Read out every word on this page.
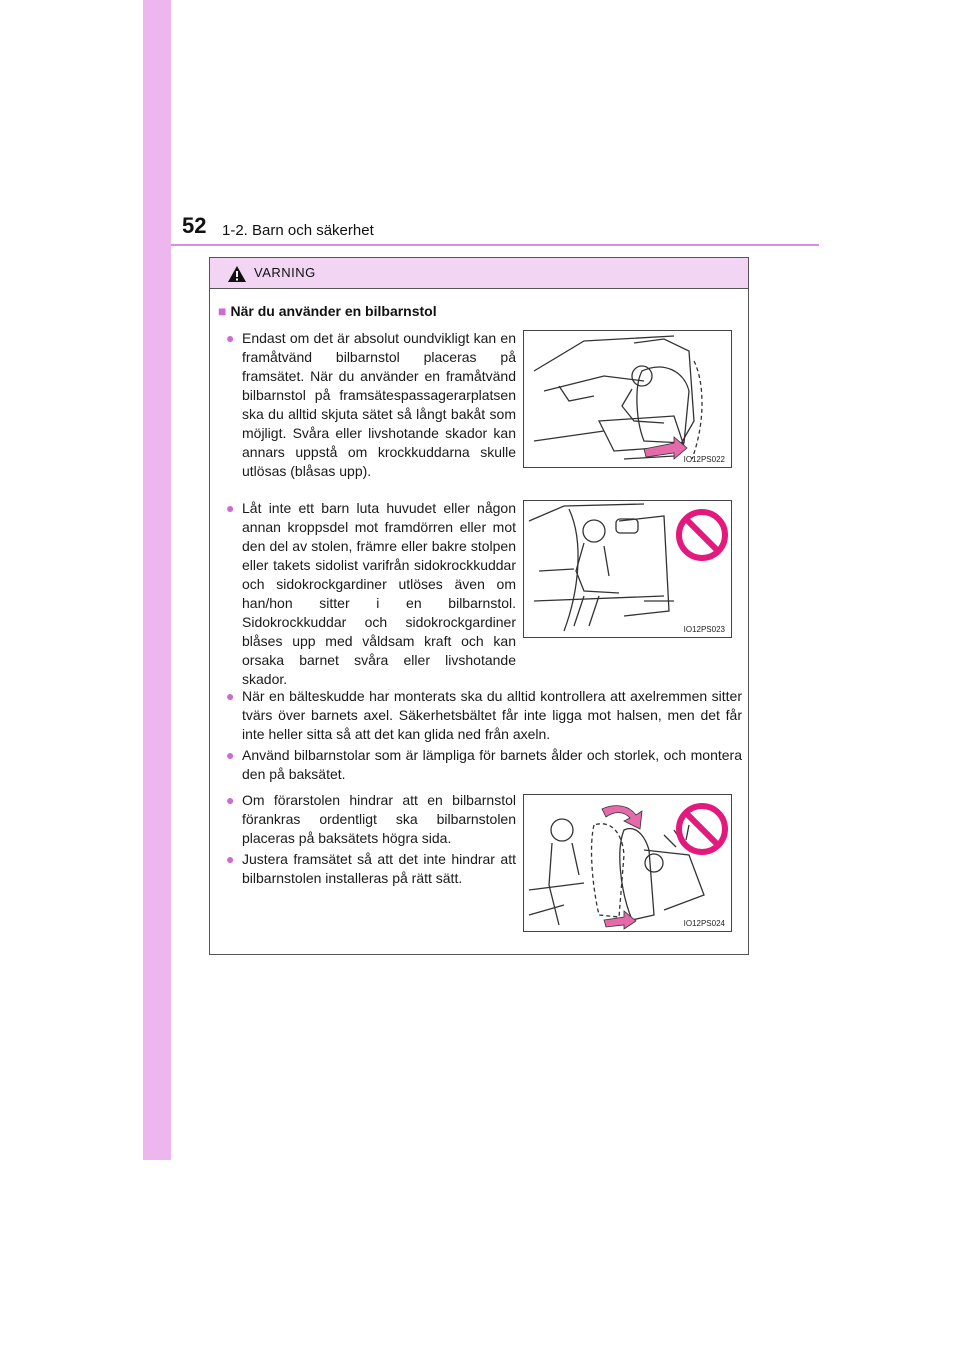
52 1-2. Barn och säkerhet
VARNING
■ När du använder en bilbarnstol
● Endast om det är absolut oundvikligt kan en framåtvänd bilbarnstol placeras på framsätet. När du använder en framåtvänd bilbarnstol på framsätespassagerarplatsen ska du alltid skjuta sätet så långt bakåt som möjligt. Svåra eller livshotande skador kan annars uppstå om krockkuddarna skulle utlösas (blåsas upp).
IO12PS022
● Låt inte ett barn luta huvudet eller någon annan kroppsdel mot framdörren eller mot den del av stolen, främre eller bakre stolpen eller takets sidolist varifrån sidokrockkuddar och sidokrockgardiner utlöses även om han/hon sitter i en bilbarnstol. Sidokrockkuddar och sidokrockgardiner blåses upp med våldsam kraft och kan orsaka barnet svåra eller livshotande skador.
IO12PS023
● När en bälteskudde har monterats ska du alltid kontrollera att axelremmen sitter tvärs över barnets axel. Säkerhetsbältet får inte ligga mot halsen, men det får inte heller sitta så att det kan glida ned från axeln.
● Använd bilbarnstolar som är lämpliga för barnets ålder och storlek, och montera den på baksätet.
● Om förarstolen hindrar att en bilbarnstol förankras ordentligt ska bilbarnstolen placeras på baksätets högra sida.
● Justera framsätet så att det inte hindrar att bilbarnstolen installeras på rätt sätt.
IO12PS024
